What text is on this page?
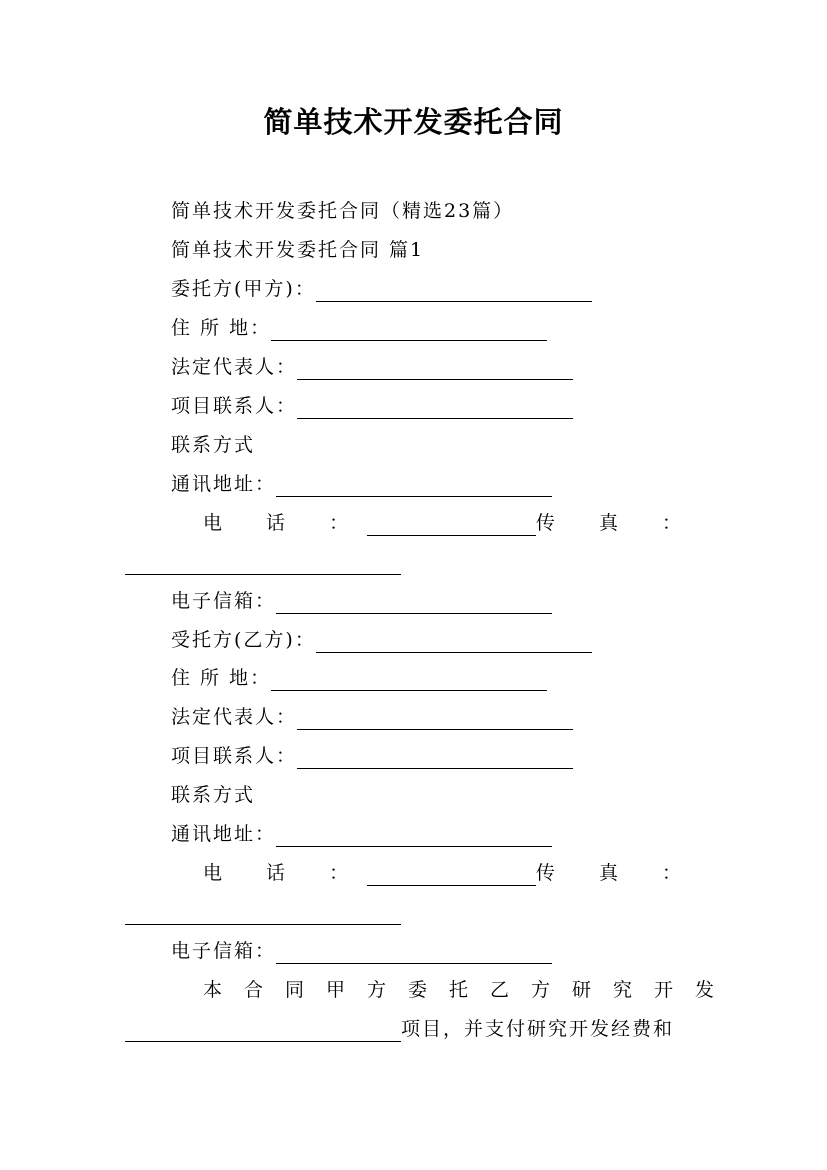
简单技术开发委托合同
简单技术开发委托合同（精选23篇）
简单技术开发委托合同 篇1
委托方(甲方)：
住 所 地：
法定代表人：
项目联系人：
联系方式
通讯地址：
电 话 ：	传 真 ：
电子信箱：
受托方(乙方)：
住 所 地：
法定代表人：
项目联系人：
联系方式
通讯地址：
电 话 ：	传 真 ：
电子信箱：
本合同甲方委托乙方研究开发
项目，并支付研究开发经费和
